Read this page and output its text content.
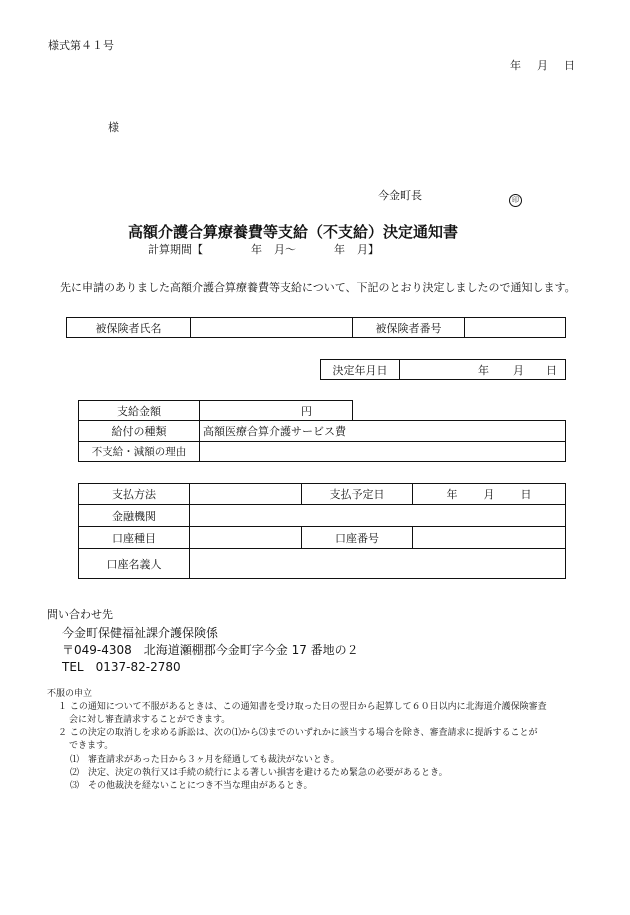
様式第４１号
年 月 日
様
今金町長	印
高額介護合算療養費等支給（不支給）決定通知書
計算期間【	年 月～	年 月】
先に申請のありました高額介護合算療養費等支給について、下記のとおり決定しましたので通知します。
被保険者氏名		被保険者番号	
決定年月日	年 月 日
支給金額	円	
給付の種類	高額医療合算介護サービス費	
不支給・減額の理由		
支払方法		支払予定日	年 月 日
金融機関			
口座種目		口座番号	
口座名義人			
問い合わせ先
今金町保健福祉課介護保険係
〒049-4308　北海道瀬棚郡今金町字今金 17 番地の２
TEL　0137-82-2780
不服の申立
１ この通知について不服があるときは、この通知書を受け取った日の翌日から起算して６０日以内に北海道介護保険審査
会に対し審査請求することができます。
２ この決定の取消しを求める訴訟は、次の⑴から⑶までのいずれかに該当する場合を除き、審査請求に提訴することが
できます。
⑴　審査請求があった日から３ヶ月を経過しても裁決がないとき。
⑵　決定、決定の執行又は手続の続行による著しい損害を避けるため緊急の必要があるとき。
⑶　その他裁決を経ないことにつき不当な理由があるとき。
